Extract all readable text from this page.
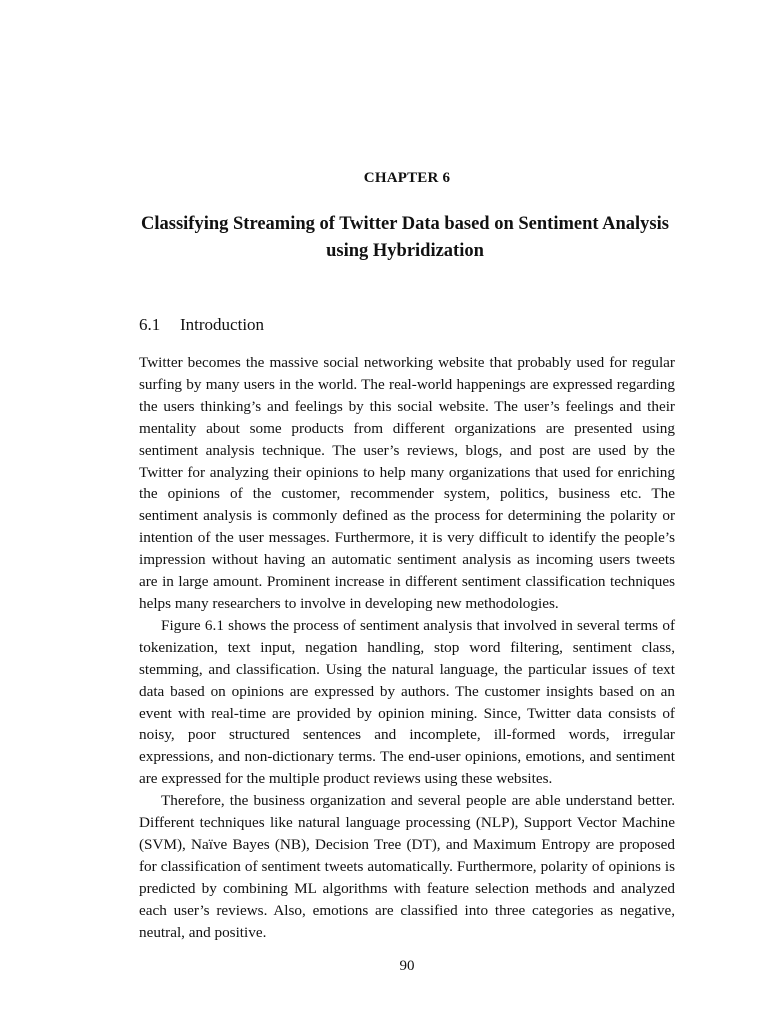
CHAPTER 6
Classifying Streaming of Twitter Data based on Sentiment Analysis using Hybridization
6.1 Introduction

Twitter becomes the massive social networking website that probably used for regular surfing by many users in the world. The real-world happenings are expressed regarding the users thinking’s and feelings by this social website. The user’s feelings and their mentality about some products from different organizations are presented using sentiment analysis technique. The user’s reviews, blogs, and post are used by the Twitter for analyzing their opinions to help many organizations that used for enriching the opinions of the customer, recommender system, politics, business etc. The sentiment analysis is commonly defined as the process for determining the polarity or intention of the user messages. Furthermore, it is very difficult to identify the people’s impression without having an automatic sentiment analysis as incoming users tweets are in large amount. Prominent increase in different sentiment classification techniques helps many researchers to involve in developing new methodologies.

Figure 6.1 shows the process of sentiment analysis that involved in several terms of tokenization, text input, negation handling, stop word filtering, sentiment class, stemming, and classification. Using the natural language, the particular issues of text data based on opinions are expressed by authors. The customer insights based on an event with real-time are provided by opinion mining. Since, Twitter data consists of noisy, poor structured sentences and incomplete, ill-formed words, irregular expressions, and non-dictionary terms. The end-user opinions, emotions, and sentiment are expressed for the multiple product reviews using these websites.

Therefore, the business organization and several people are able understand better. Different techniques like natural language processing (NLP), Support Vector Machine (SVM), Naïve Bayes (NB), Decision Tree (DT), and Maximum Entropy are proposed for classification of sentiment tweets automatically. Furthermore, polarity of opinions is predicted by combining ML algorithms with feature selection methods and analyzed each user’s reviews. Also, emotions are classified into three categories as negative, neutral, and positive.

90
